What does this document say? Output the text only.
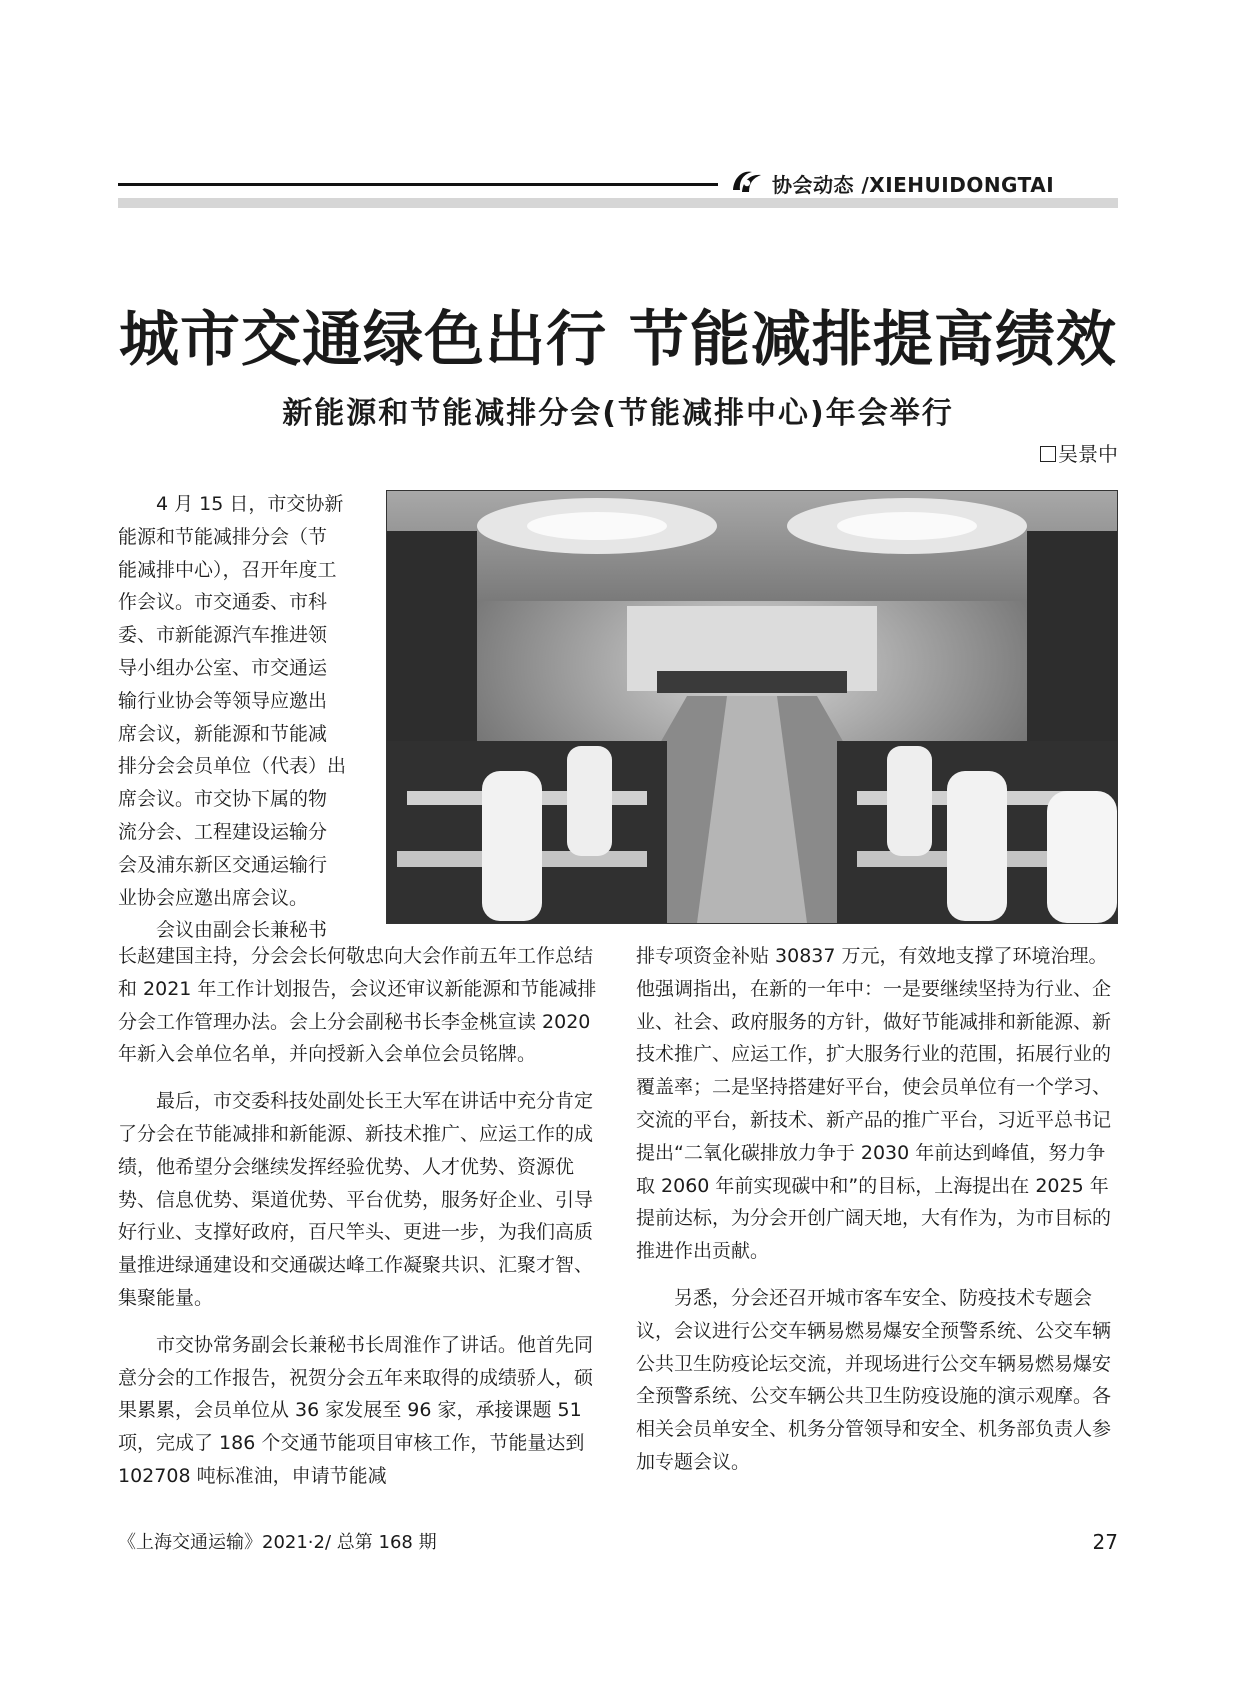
协会动态 /XIEHUIDONGTAI
城市交通绿色出行 节能减排提高绩效
新能源和节能减排分会(节能减排中心)年会举行
吴景中

4 月 15 日，市交协新
能源和节能减排分会（节
能减排中心），召开年度工
作会议。市交通委、市科
委、市新能源汽车推进领
导小组办公室、市交通运
输行业协会等领导应邀出
席会议，新能源和节能减
排分会会员单位（代表）出
席会议。市交协下属的物
流分会、工程建设运输分
会及浦东新区交通运输行
业协会应邀出席会议。

会议由副会长兼秘书

长赵建国主持，分会会长何敬忠向大会作前五年工作总结和 2021 年工作计划报告，会议还审议新能源和节能减排分会工作管理办法。会上分会副秘书长李金桃宣读 2020 年新入会单位名单，并向授新入会单位会员铭牌。

最后，市交委科技处副处长王大军在讲话中充分肯定了分会在节能减排和新能源、新技术推广、应运工作的成绩，他希望分会继续发挥经验优势、人才优势、资源优势、信息优势、渠道优势、平台优势，服务好企业、引导好行业、支撑好政府，百尺竿头、更进一步，为我们高质量推进绿通建设和交通碳达峰工作凝聚共识、汇聚才智、集聚能量。

市交协常务副会长兼秘书长周淮作了讲话。他首先同意分会的工作报告，祝贺分会五年来取得的成绩骄人，硕果累累，会员单位从 36 家发展至 96 家，承接课题 51 项，完成了 186 个交通节能项目审核工作，节能量达到 102708 吨标准油，申请节能减

排专项资金补贴 30837 万元，有效地支撑了环境治理。他强调指出，在新的一年中：一是要继续坚持为行业、企业、社会、政府服务的方针，做好节能减排和新能源、新技术推广、应运工作，扩大服务行业的范围，拓展行业的覆盖率；二是坚持搭建好平台，使会员单位有一个学习、交流的平台，新技术、新产品的推广平台，习近平总书记提出“二氧化碳排放力争于 2030 年前达到峰值，努力争取 2060 年前实现碳中和”的目标，上海提出在 2025 年提前达标，为分会开创广阔天地，大有作为，为市目标的推进作出贡献。

另悉，分会还召开城市客车安全、防疫技术专题会议，会议进行公交车辆易燃易爆安全预警系统、公交车辆公共卫生防疫论坛交流，并现场进行公交车辆易燃易爆安全预警系统、公交车辆公共卫生防疫设施的演示观摩。各相关会员单安全、机务分管领导和安全、机务部负责人参加专题会议。

《上海交通运输》2021·2/ 总第 168 期	27
